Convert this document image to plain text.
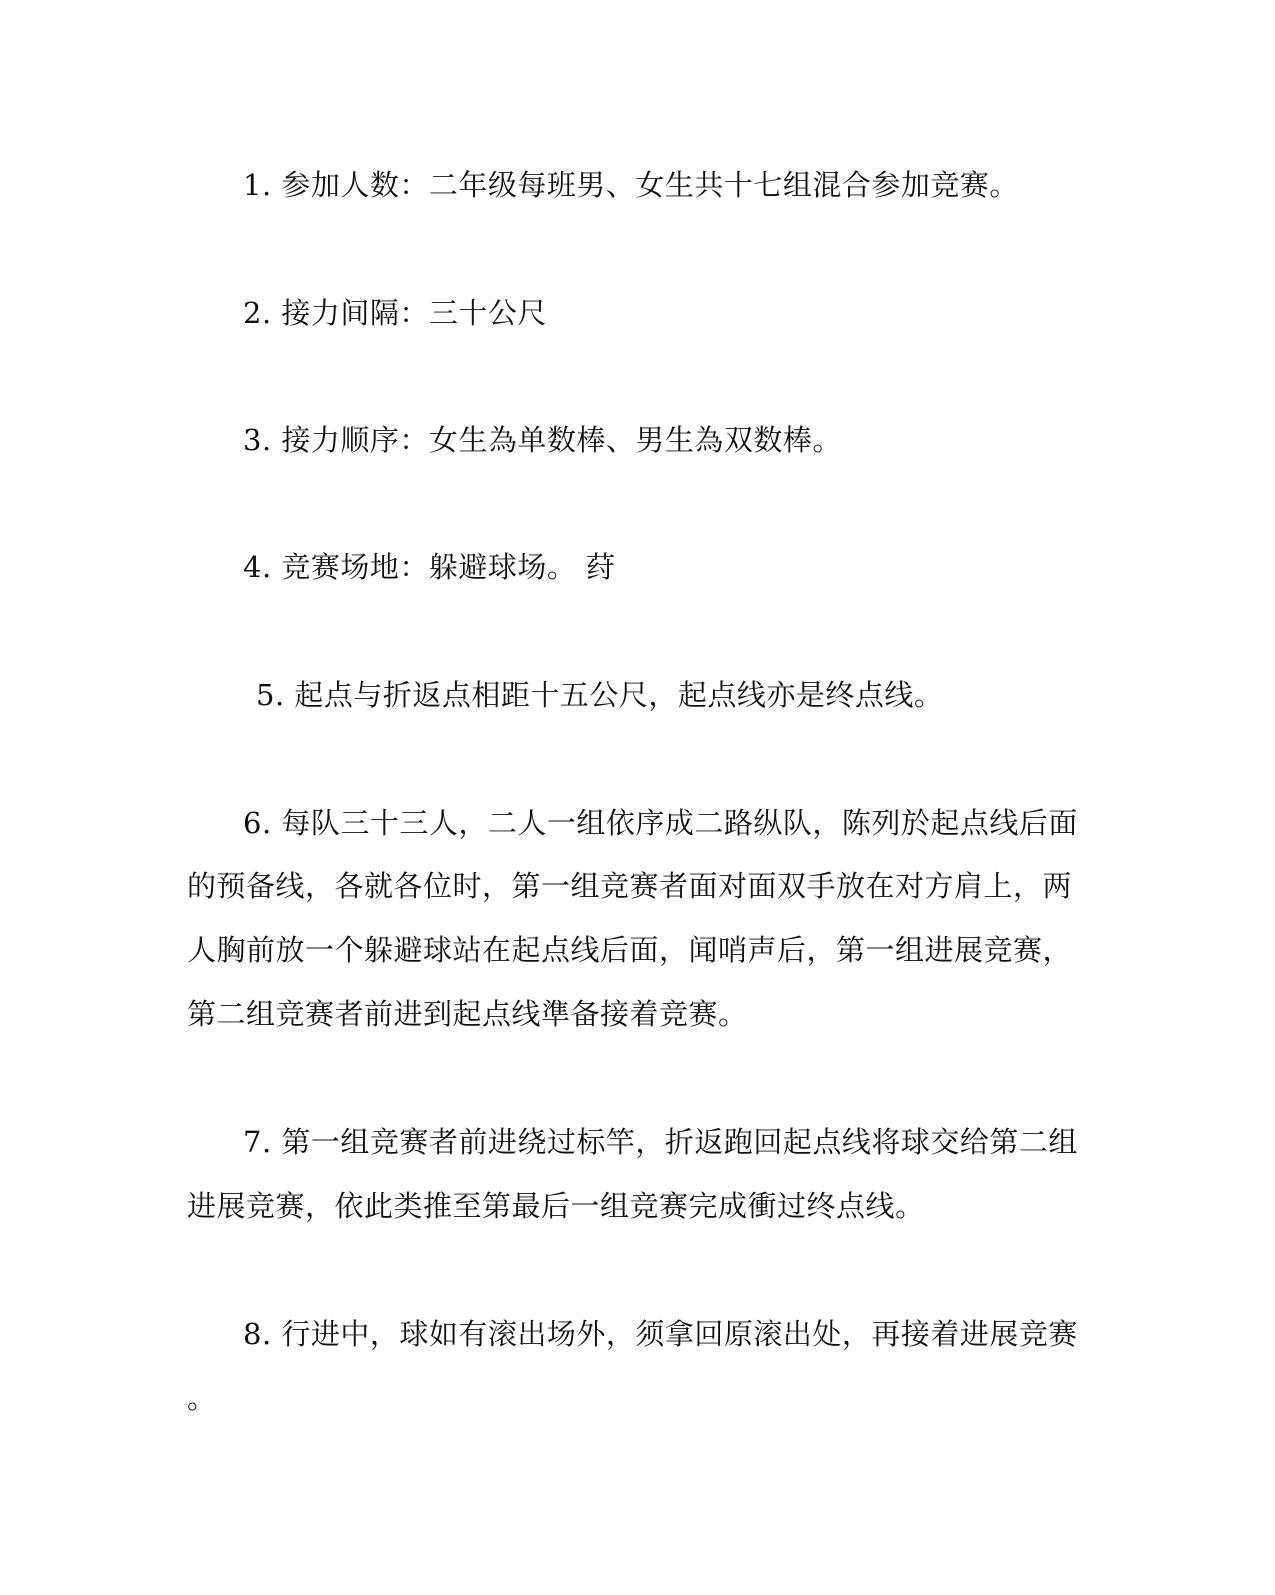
1. 参加人数：二年级每班男、女生共十七组混合参加竞赛。
2. 接力间隔：三十公尺
3. 接力顺序：女生為单数棒、男生為双数棒。
4. 竞赛场地：躲避球场。 荮
5. 起点与折返点相距十五公尺，起点线亦是终点线。
6. 每队三十三人，二人一组依序成二路纵队，陈列於起点线后面
的预备线，各就各位时，第一组竞赛者面对面双手放在对方肩上，两
人胸前放一个躲避球站在起点线后面，闻哨声后，第一组进展竞赛，
第二组竞赛者前进到起点线準备接着竞赛。
7. 第一组竞赛者前进绕过标竿，折返跑回起点线将球交给第二组
进展竞赛，依此类推至第最后一组竞赛完成衝过终点线。
8. 行进中，球如有滚出场外，须拿回原滚出处，再接着进展竞赛
。
